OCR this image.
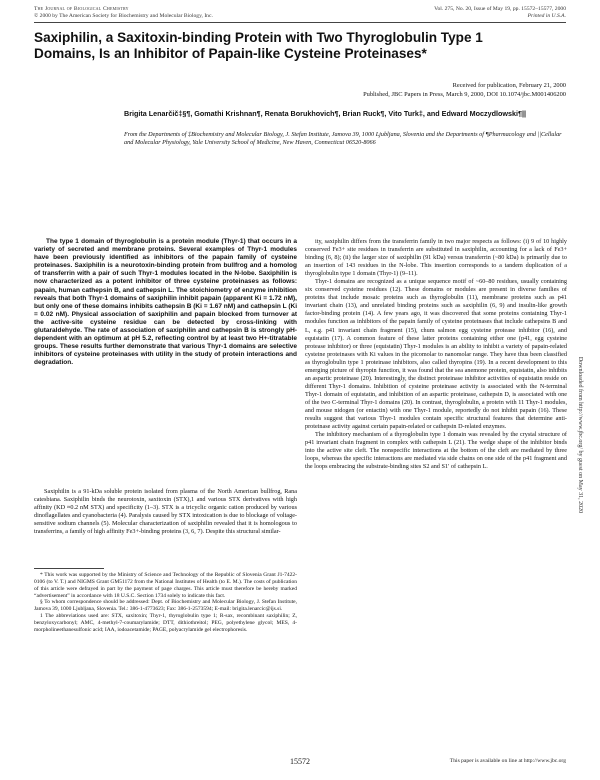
The Journal of Biological Chemistry
© 2000 by The American Society for Biochemistry and Molecular Biology, Inc.
Vol. 275, No. 20, Issue of May 19, pp. 15572–15577, 2000
Printed in U.S.A.
Saxiphilin, a Saxitoxin-binding Protein with Two Thyroglobulin Type 1 Domains, Is an Inhibitor of Papain-like Cysteine Proteinases*
Received for publication, February 21, 2000
Published, JBC Papers in Press, March 9, 2000, DOI 10.1074/jbc.M001406200
Brigita Lenarčič‡§¶, Gomathi Krishnan¶, Renata Borukhovich¶, Brian Ruck¶, Vito Turk‡, and Edward Moczydlowski¶||
From the Departments of ‡Biochemistry and Molecular Biology, J. Stefan Institute, Jamova 39, 1000 Ljubljana, Slovenia and the Departments of ¶Pharmacology and ||Cellular and Molecular Physiology, Yale University School of Medicine, New Haven, Connecticut 06520-8066
The type 1 domain of thyroglobulin is a protein module (Thyr-1) that occurs in a variety of secreted and membrane proteins. Several examples of Thyr-1 modules have been previously identified as inhibitors of the papain family of cysteine proteinases. Saxiphilin is a neurotoxin-binding protein from bullfrog and a homolog of transferrin with a pair of such Thyr-1 modules located in the N-lobe. Saxiphilin is now characterized as a potent inhibitor of three cysteine proteinases as follows: papain, human cathepsin B, and cathepsin L. The stoichiometry of enzyme inhibition reveals that both Thyr-1 domains of saxiphilin inhibit papain (apparent Ki = 1.72 nM), but only one of these domains inhibits cathepsin B (Ki = 1.67 nM) and cathepsin L (Ki = 0.02 nM). Physical association of saxiphilin and papain blocked from turnover at the active-site cysteine residue can be detected by cross-linking with glutaraldehyde. The rate of association of saxiphilin and cathepsin B is strongly pH-dependent with an optimum at pH 5.2, reflecting control by at least two H+-titratable groups. These results further demonstrate that various Thyr-1 domains are selective inhibitors of cysteine proteinases with utility in the study of protein interactions and degradation.

Saxiphilin is a 91-kDa soluble protein isolated from plasma of the North American bullfrog, Rana catesbiana. Saxiphilin binds the neurotoxin, saxitoxin (STX),1 and various STX derivatives with high affinity (KD ≈0.2 nM STX) and specificity (1–3). STX is a tricyclic organic cation produced by various dinoflagellates and cyanobacteria (4). Paralysis caused by STX intoxication is due to blockage of voltage-sensitive sodium channels (5). Molecular characterization of saxiphilin revealed that it is homologous to transferrins, a family of high affinity Fe3+-binding proteins (3, 6, 7). Despite this structural similar-

* This work was supported by the Ministry of Science and Technology of the Republic of Slovenia Grant J1-7422-0106 (to V. T.) and NIGMS Grant GM51172 from the National Institutes of Health (to E. M.). The costs of publication of this article were defrayed in part by the payment of page charges. This article must therefore be hereby marked “advertisement” in accordance with 18 U.S.C. Section 1734 solely to indicate this fact.

§ To whom correspondence should be addressed: Dept. of Biochemistry and Molecular Biology, J. Stefan Institute, Jamova 39, 1000 Ljubljana, Slovenia. Tel.: 386-1-4773623; Fax: 386-1-2573594; E-mail: brigita.lenarcic@ijs.si.

1 The abbreviations used are: STX, saxitoxin; Thyr-1, thyroglobulin type 1; R-sax, recombinant saxiphilin; Z, benzyloxycarbonyl; AMC, 4-methyl-7-coumarylamide; DTT, dithiothreitol; PEG, polyethylene glycol; MES, 4-morpholineethanesulfonic acid; IAA, iodoacetamide; PAGE, polyacrylamide gel electrophoresis.

ity, saxiphilin differs from the transferrin family in two major respects as follows: (i) 9 of 10 highly conserved Fe3+ site residues in transferrin are substituted in saxiphilin, accounting for a lack of Fe3+ binding (6, 8); (ii) the larger size of saxiphilin (91 kDa) versus transferrin (~80 kDa) is primarily due to an insertion of 143 residues in the N-lobe. This insertion corresponds to a tandem duplication of a thyroglobulin type 1 domain (Thyr-1) (9–11).

Thyr-1 domains are recognized as a unique sequence motif of ~60–80 residues, usually containing six conserved cysteine residues (12). These domains or modules are present in diverse families of proteins that include mosaic proteins such as thyroglobulin (11), membrane proteins such as p41 invariant chain (13), and unrelated binding proteins such as saxiphilin (6, 9) and insulin-like growth factor-binding protein (14). A few years ago, it was discovered that some proteins containing Thyr-1 modules function as inhibitors of the papain family of cysteine proteinases that include cathepsins B and L, e.g. p41 invariant chain fragment (15), chum salmon egg cysteine protease inhibitor (16), and equistatin (17). A common feature of these latter proteins containing either one (p41, egg cysteine protease inhibitor) or three (equistatin) Thyr-1 modules is an ability to inhibit a variety of papain-related cysteine proteinases with Ki values in the picomolar to nanomolar range. They have thus been classified as thyroglobulin type 1 proteinase inhibitors, also called thyropins (19). In a recent development to this emerging picture of thyropin function, it was found that the sea anemone protein, equistatin, also inhibits an aspartic proteinase (20). Interestingly, the distinct proteinase inhibitor activities of equistatin reside on different Thyr-1 domains. Inhibition of cysteine proteinase activity is associated with the N-terminal Thyr-1 domain of equistatin, and inhibition of an aspartic proteinase, cathepsin D, is associated with one of the two C-terminal Thyr-1 domains (20). In contrast, thyroglobulin, a protein with 11 Thyr-1 modules, and mouse nidogen (or entactin) with one Thyr-1 module, reportedly do not inhibit papain (16). These results suggest that various Thyr-1 modules contain specific structural features that determine anti-proteinase activity against certain papain-related or cathepsin D-related enzymes.

The inhibitory mechanism of a thyroglobulin type 1 domain was revealed by the crystal structure of p41 invariant chain fragment in complex with cathepsin L (21). The wedge shape of the inhibitor binds into the active site cleft. The nonspecific interactions at the bottom of the cleft are mediated by three loops, whereas the specific interactions are mediated via side chains on one side of the p41 fragment and the loops embracing the substrate-binding sites S2 and S1′ of cathepsin L.	Downloaded from http://www.jbc.org/ by guest on May 31, 2020
15572	This paper is available on line at http://www.jbc.org
